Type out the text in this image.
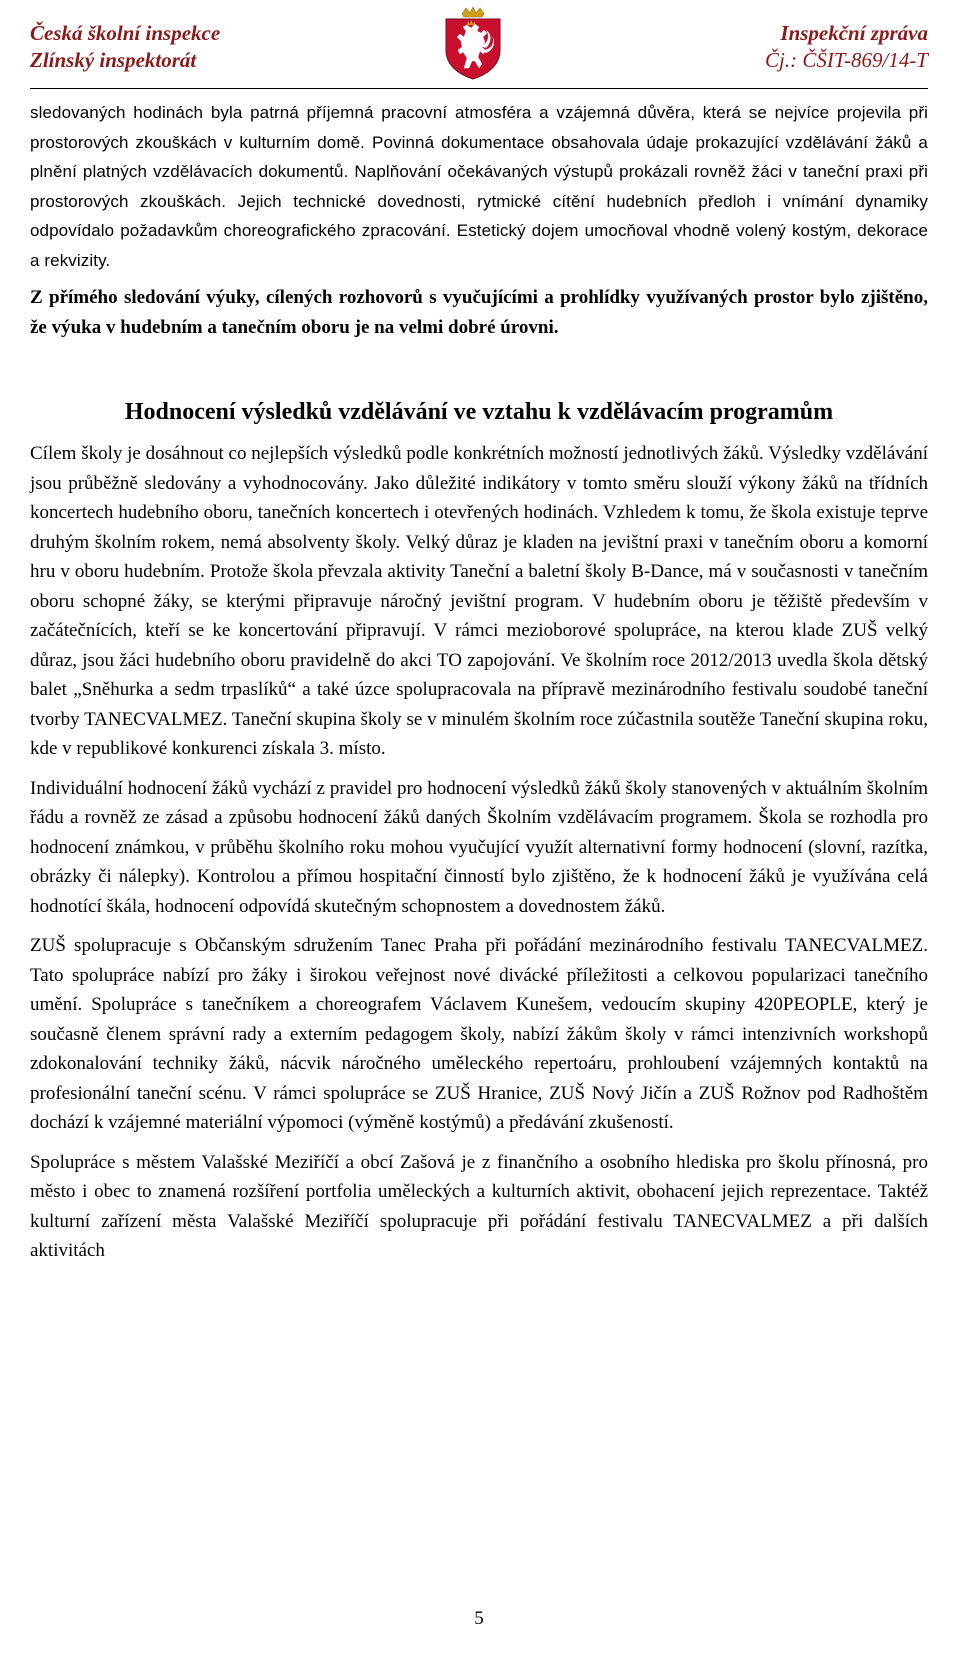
Česká školní inspekce
Zlínský inspektorát
Inspekční zpráva
Čj.: ČŠIT-869/14-T

sledovaných hodinách byla patrná příjemná pracovní atmosféra a vzájemná důvěra, která se nejvíce projevila při prostorových zkouškách v kulturním domě. Povinná dokumentace obsahovala údaje prokazující vzdělávání žáků a plnění platných vzdělávacích dokumentů. Naplňování očekávaných výstupů prokázali rovněž žáci v taneční praxi při prostorových zkouškách. Jejich technické dovednosti, rytmické cítění hudebních předloh i vnímání dynamiky odpovídalo požadavkům choreografického zpracování. Estetický dojem umocňoval vhodně volený kostým, dekorace a rekvizity.

Z přímého sledování výuky, cílených rozhovorů s vyučujícími a prohlídky využívaných prostor bylo zjištěno, že výuka v hudebním a tanečním oboru je na velmi dobré úrovni.

Hodnocení výsledků vzdělávání ve vztahu k vzdělávacím programům

Cílem školy je dosáhnout co nejlepších výsledků podle konkrétních možností jednotlivých žáků. Výsledky vzdělávání jsou průběžně sledovány a vyhodnocovány. Jako důležité indikátory v tomto směru slouží výkony žáků na třídních koncertech hudebního oboru, tanečních koncertech i otevřených hodinách. Vzhledem k tomu, že škola existuje teprve druhým školním rokem, nemá absolventy školy. Velký důraz je kladen na jevištní praxi v tanečním oboru a komorní hru v oboru hudebním. Protože škola převzala aktivity Taneční a baletní školy B-Dance, má v současnosti v tanečním oboru schopné žáky, se kterými připravuje náročný jevištní program. V hudebním oboru je těžiště především v začátečnících, kteří se ke koncertování připravují. V rámci mezioborové spolupráce, na kterou klade ZUŠ velký důraz, jsou žáci hudebního oboru pravidelně do akci TO zapojování. Ve školním roce 2012/2013 uvedla škola dětský balet „Sněhurka a sedm trpaslíků“ a také úzce spolupracovala na přípravě mezinárodního festivalu soudobé taneční tvorby TANECVALMEZ. Taneční skupina školy se v minulém školním roce zúčastnila soutěže Taneční skupina roku, kde v republikové konkurenci získala 3. místo.

Individuální hodnocení žáků vychází z pravidel pro hodnocení výsledků žáků školy stanovených v aktuálním školním řádu a rovněž ze zásad a způsobu hodnocení žáků daných Školním vzdělávacím programem. Škola se rozhodla pro hodnocení známkou, v průběhu školního roku mohou vyučující využít alternativní formy hodnocení (slovní, razítka, obrázky či nálepky). Kontrolou a přímou hospitační činností bylo zjištěno, že k hodnocení žáků je využívána celá hodnotící škála, hodnocení odpovídá skutečným schopnostem a dovednostem žáků.

ZUŠ spolupracuje s Občanským sdružením Tanec Praha při pořádání mezinárodního festivalu TANECVALMEZ. Tato spolupráce nabízí pro žáky i širokou veřejnost nové divácké příležitosti a celkovou popularizaci tanečního umění. Spolupráce s tanečníkem a choreografem Václavem Kunešem, vedoucím skupiny 420PEOPLE, který je současně členem správní rady a externím pedagogem školy, nabízí žákům školy v rámci intenzivních workshopů zdokonalování techniky žáků, nácvik náročného uměleckého repertoáru, prohloubení vzájemných kontaktů na profesionální taneční scénu. V rámci spolupráce se ZUŠ Hranice, ZUŠ Nový Jičín a ZUŠ Rožnov pod Radhoštěm dochází k vzájemné materiální výpomoci (výměně kostýmů) a předávání zkušeností.

Spolupráce s městem Valašské Meziříčí a obcí Zašová je z finančního a osobního hlediska pro školu přínosná, pro město i obec to znamená rozšíření portfolia uměleckých a kulturních aktivit, obohacení jejich reprezentace. Taktéž kulturní zařízení města Valašské Meziříčí spolupracuje při pořádání festivalu TANECVALMEZ a při dalších aktivitách

5
